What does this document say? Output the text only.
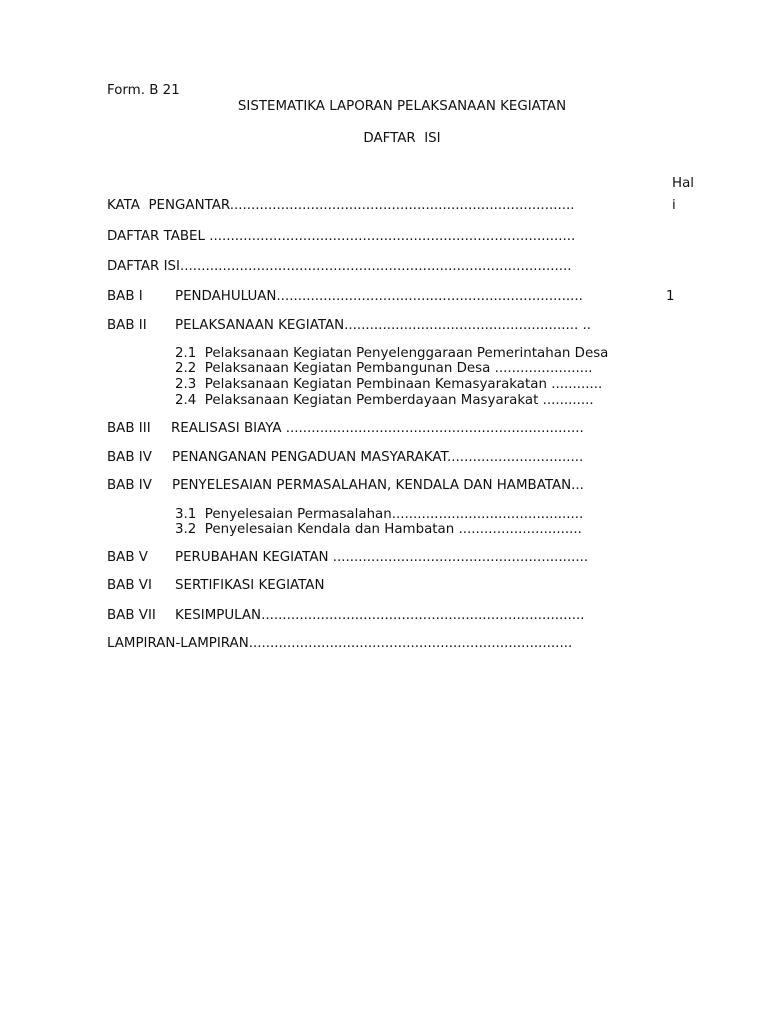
Form. B 21
SISTEMATIKA LAPORAN PELAKSANAAN KEGIATAN
DAFTAR  ISI
Hal
KATA  PENGANTAR.................................................................................	i
DAFTAR TABEL ......................................................................................
DAFTAR ISI............................................................................................
BAB I PENDAHULUAN........................................................................	1
BAB II PELAKSANAAN KEGIATAN....................................................... ..
2.1  Pelaksanaan Kegiatan Penyelenggaraan Pemerintahan Desa
2.2  Pelaksanaan Kegiatan Pembangunan Desa .......................
2.3  Pelaksanaan Kegiatan Pembinaan Kemasyarakatan ............
2.4  Pelaksanaan Kegiatan Pemberdayaan Masyarakat ............
BAB III REALISASI BIAYA ......................................................................
BAB IV PENANGANAN PENGADUAN MASYARAKAT................................
BAB IV PENYELESAIAN PERMASALAHAN, KENDALA DAN HAMBATAN...
3.1  Penyelesaian Permasalahan.............................................
3.2  Penyelesaian Kendala dan Hambatan .............................
BAB V PERUBAHAN KEGIATAN ............................................................
BAB VI SERTIFIKASI KEGIATAN
BAB VII KESIMPULAN............................................................................
LAMPIRAN-LAMPIRAN............................................................................
